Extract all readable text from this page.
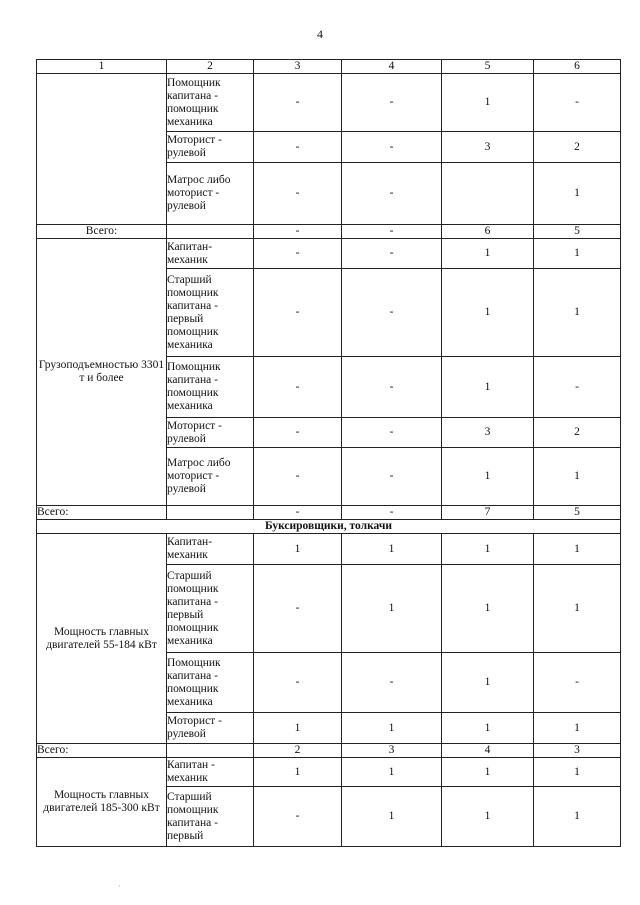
4
1	2	3	4	5	6
	Помощник капитана - помощник механика	-	-	1	-
	Моторист - рулевой	-	-	3	2
	Матрос либо моторист - рулевой	-	-		1
Всего:		-	-	6	5
Грузоподъемностью 3301 т и более	Капитан- механик	-	-	1	1
	Старший помощник капитана - первый помощник механика	-	-	1	1
	Помощник капитана - помощник механика	-	-	1	-
	Моторист - рулевой	-	-	3	2
	Матрос либо моторист - рулевой	-	-	1	1
Всего:		-	-	7	5
Буксировщики, толкачи					
Мощность главных двигателей 55-184 кВт	Капитан- механик	1	1	1	1
	Старший помощник капитана - первый помощник механика	-	1	1	1
	Помощник капитана - помощник механика	-	-	1	-
	Моторист - рулевой	1	1	1	1
Всего:		2	3	4	3
Мощность главных двигателей 185-300 кВт	Капитан - механик	1	1	1	1
	Старший помощник капитана - первый	-	1	1	1
·
